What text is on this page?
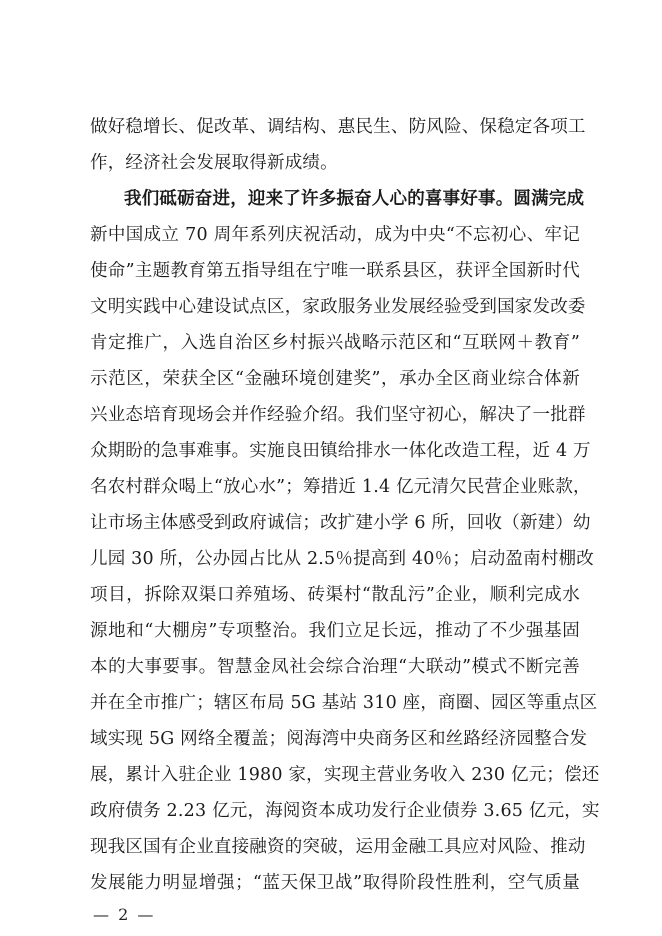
做好稳增长、促改革、调结构、惠民生、防风险、保稳定各项工
作，经济社会发展取得新成绩。
我们砥砺奋进，迎来了许多振奋人心的喜事好事。圆满完成
新中国成立 70 周年系列庆祝活动，成为中央“不忘初心、牢记
使命”主题教育第五指导组在宁唯一联系县区，获评全国新时代
文明实践中心建设试点区，家政服务业发展经验受到国家发改委
肯定推广，入选自治区乡村振兴战略示范区和“互联网＋教育”
示范区，荣获全区“金融环境创建奖”，承办全区商业综合体新
兴业态培育现场会并作经验介绍。我们坚守初心，解决了一批群
众期盼的急事难事。实施良田镇给排水一体化改造工程，近 4 万
名农村群众喝上“放心水”；筹措近 1.4 亿元清欠民营企业账款，
让市场主体感受到政府诚信；改扩建小学 6 所，回收（新建）幼
儿园 30 所，公办园占比从 2.5％提高到 40％；启动盈南村棚改
项目，拆除双渠口养殖场、砖渠村“散乱污”企业，顺利完成水
源地和“大棚房”专项整治。我们立足长远，推动了不少强基固
本的大事要事。智慧金凤社会综合治理“大联动”模式不断完善
并在全市推广；辖区布局 5G 基站 310 座，商圈、园区等重点区
域实现 5G 网络全覆盖；阅海湾中央商务区和丝路经济园整合发
展，累计入驻企业 1980 家，实现主营业务收入 230 亿元；偿还
政府债务 2.23 亿元，海阅资本成功发行企业债券 3.65 亿元，实
现我区国有企业直接融资的突破，运用金融工具应对风险、推动
发展能力明显增强；“蓝天保卫战”取得阶段性胜利，空气质量
— 2 —
